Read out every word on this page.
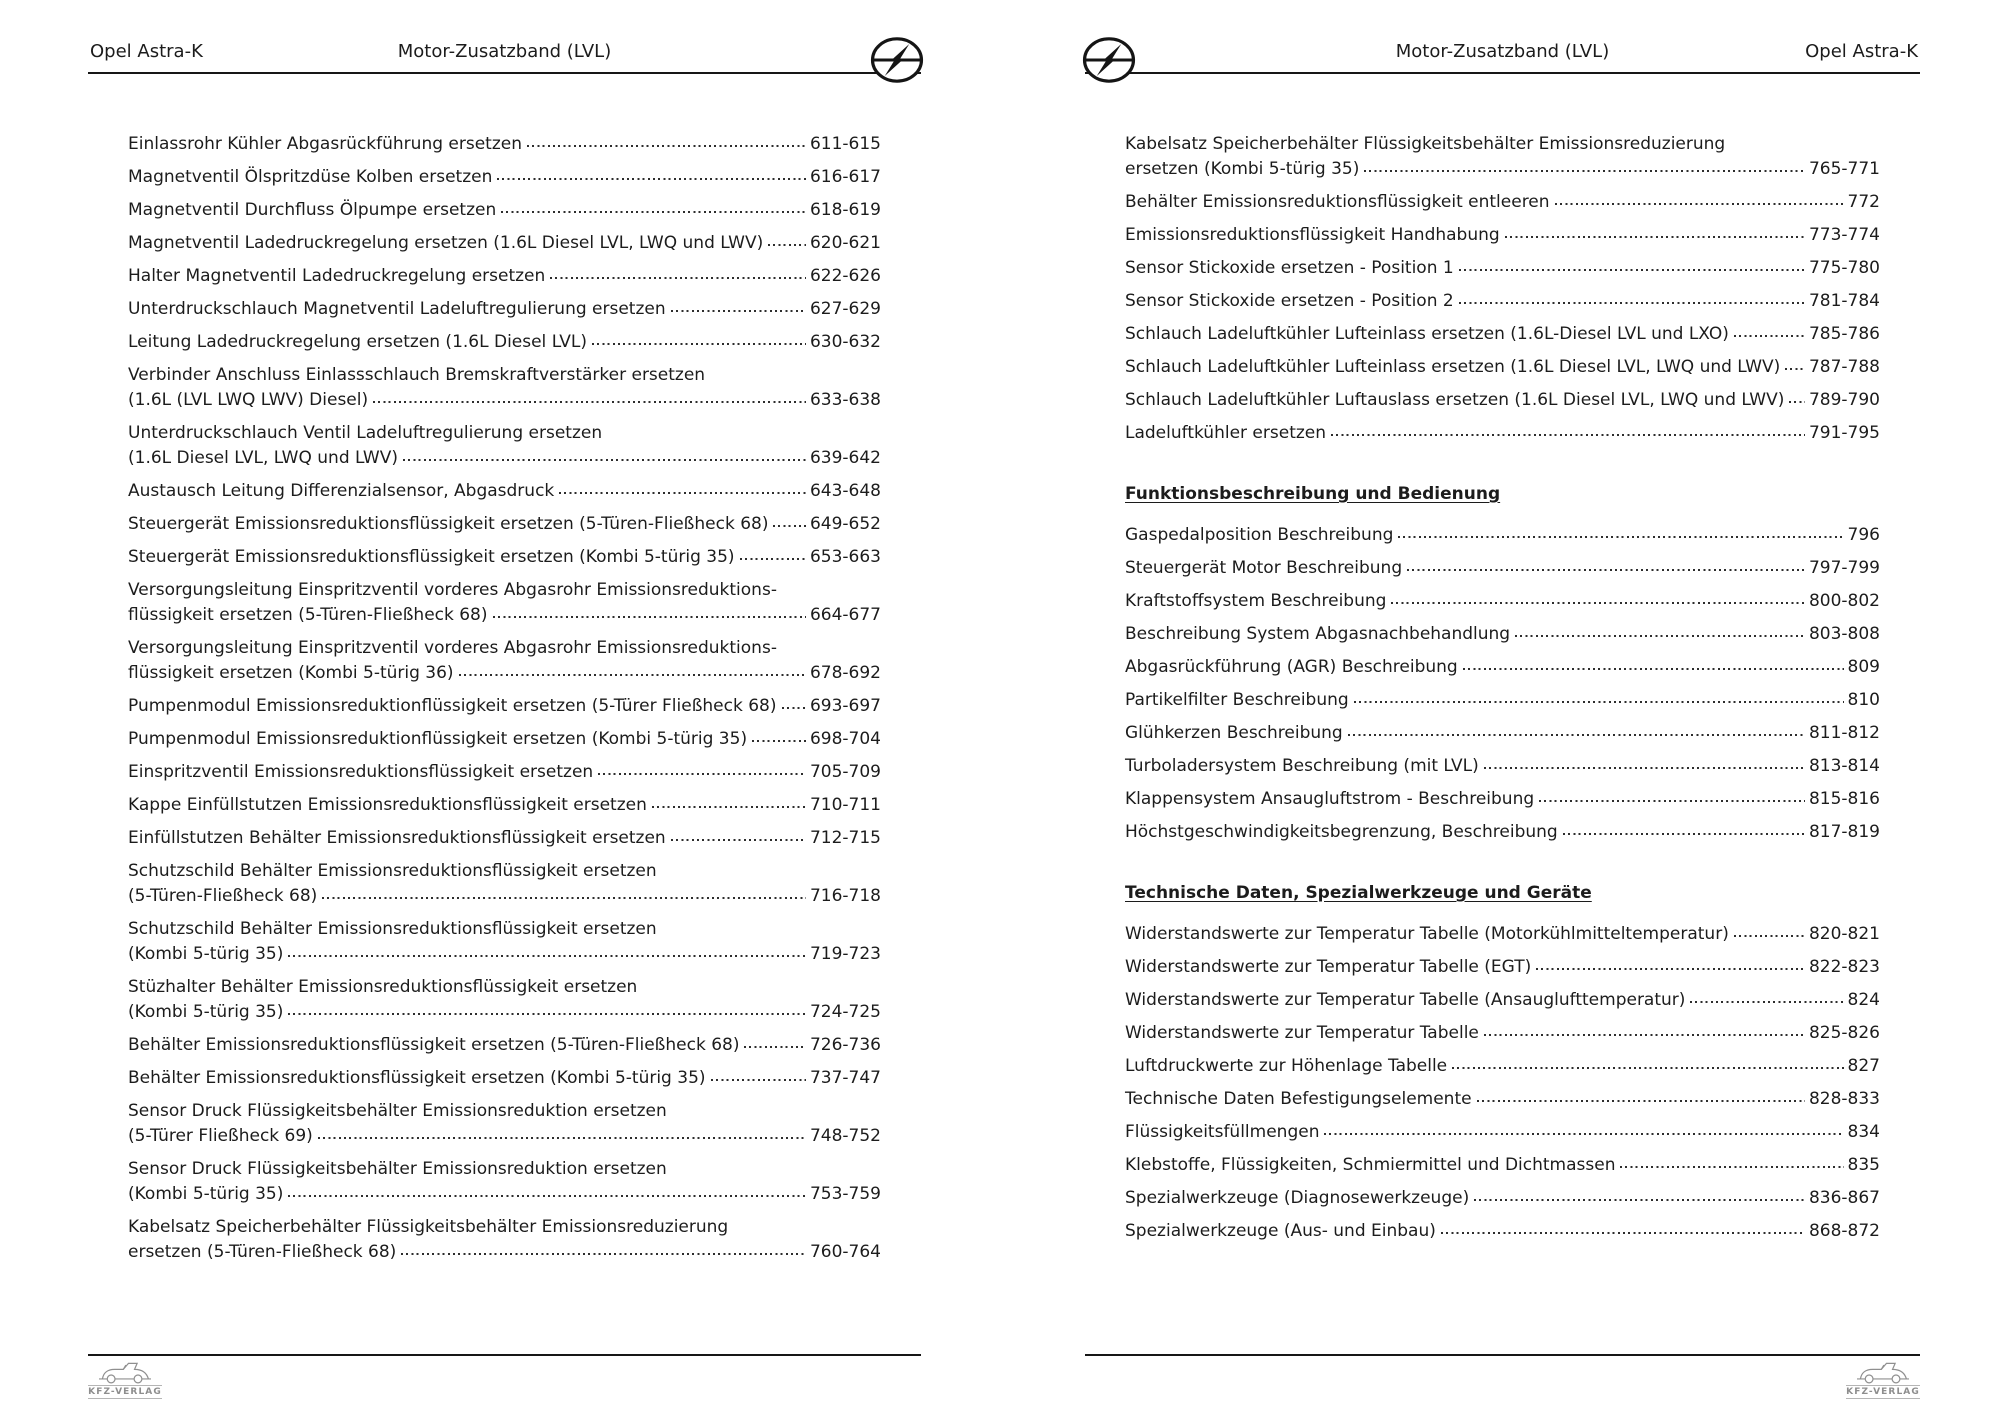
Opel Astra-K	Motor-Zusatzband (LVL)
Einlassrohr Kühler Abgasrückführung ersetzen	611-615
Magnetventil Ölspritzdüse Kolben ersetzen	616-617
Magnetventil Durchfluss Ölpumpe ersetzen	618-619
Magnetventil Ladedruckregelung ersetzen (1.6L Diesel LVL, LWQ und LWV)	620-621
Halter Magnetventil Ladedruckregelung ersetzen	622-626
Unterdruckschlauch Magnetventil Ladeluftregulierung ersetzen	627-629
Leitung Ladedruckregelung ersetzen (1.6L Diesel LVL)	630-632
Verbinder Anschluss Einlassschlauch Bremskraftverstärker ersetzen
(1.6L (LVL LWQ LWV) Diesel)	633-638
Unterdruckschlauch Ventil Ladeluftregulierung ersetzen
(1.6L Diesel LVL, LWQ und LWV)	639-642
Austausch Leitung Differenzialsensor, Abgasdruck	643-648
Steuergerät Emissionsreduktionsflüssigkeit ersetzen (5-Türen-Fließheck 68) 649-652
Steuergerät Emissionsreduktionsflüssigkeit ersetzen (Kombi 5-türig 35)	653-663
Versorgungsleitung Einspritzventil vorderes Abgasrohr Emissionsreduktions-
flüssigkeit ersetzen (5-Türen-Fließheck 68)	664-677
Versorgungsleitung Einspritzventil vorderes Abgasrohr Emissionsreduktions-
flüssigkeit ersetzen (Kombi 5-türig 36)	678-692
Pumpenmodul Emissionsreduktionflüssigkeit ersetzen (5-Türer Fließheck 68) 693-697
Pumpenmodul Emissionsreduktionflüssigkeit ersetzen (Kombi 5-türig 35)	698-704
Einspritzventil Emissionsreduktionsflüssigkeit ersetzen	705-709
Kappe Einfüllstutzen Emissionsreduktionsflüssigkeit ersetzen	710-711
Einfüllstutzen Behälter Emissionsreduktionsflüssigkeit ersetzen	712-715
Schutzschild Behälter Emissionsreduktionsflüssigkeit ersetzen
(5-Türen-Fließheck 68)	716-718
Schutzschild Behälter Emissionsreduktionsflüssigkeit ersetzen
(Kombi 5-türig 35)	719-723
Stüzhalter Behälter Emissionsreduktionsflüssigkeit ersetzen
(Kombi 5-türig 35)	724-725
Behälter Emissionsreduktionsflüssigkeit ersetzen (5-Türen-Fließheck 68)	726-736
Behälter Emissionsreduktionsflüssigkeit ersetzen (Kombi 5-türig 35)	737-747
Sensor Druck Flüssigkeitsbehälter Emissionsreduktion ersetzen
(5-Türer Fließheck 69)	748-752
Sensor Druck Flüssigkeitsbehälter Emissionsreduktion ersetzen
(Kombi 5-türig 35)	753-759
Kabelsatz Speicherbehälter Flüssigkeitsbehälter Emissionsreduzierung
ersetzen (5-Türen-Fließheck 68)	760-764
KFZ-VERLAG
Motor-Zusatzband (LVL)	Opel Astra-K
Kabelsatz Speicherbehälter Flüssigkeitsbehälter Emissionsreduzierung
ersetzen (Kombi 5-türig 35)	765-771
Behälter Emissionsreduktionsflüssigkeit entleeren	772
Emissionsreduktionsflüssigkeit Handhabung	773-774
Sensor Stickoxide ersetzen - Position 1	775-780
Sensor Stickoxide ersetzen - Position 2	781-784
Schlauch Ladeluftkühler Lufteinlass ersetzen (1.6L-Diesel LVL und LXO)	785-786
Schlauch Ladeluftkühler Lufteinlass ersetzen (1.6L Diesel LVL, LWQ und LWV) 787-788
Schlauch Ladeluftkühler Luftauslass ersetzen (1.6L Diesel LVL, LWQ und LWV) 789-790
Ladeluftkühler ersetzen	791-795
Funktionsbeschreibung und Bedienung
Gaspedalposition Beschreibung	796
Steuergerät Motor Beschreibung	797-799
Kraftstoffsystem Beschreibung	800-802
Beschreibung System Abgasnachbehandlung	803-808
Abgasrückführung (AGR) Beschreibung	809
Partikelfilter Beschreibung	810
Glühkerzen Beschreibung	811-812
Turboladersystem Beschreibung (mit LVL)	813-814
Klappensystem Ansaugluftstrom - Beschreibung	815-816
Höchstgeschwindigkeitsbegrenzung, Beschreibung	817-819
Technische Daten, Spezialwerkzeuge und Geräte
Widerstandswerte zur Temperatur Tabelle (Motorkühlmitteltemperatur)	820-821
Widerstandswerte zur Temperatur Tabelle (EGT)	822-823
Widerstandswerte zur Temperatur Tabelle (Ansauglufttemperatur)	824
Widerstandswerte zur Temperatur Tabelle	825-826
Luftdruckwerte zur Höhenlage Tabelle	827
Technische Daten Befestigungselemente	828-833
Flüssigkeitsfüllmengen	834
Klebstoffe, Flüssigkeiten, Schmiermittel und Dichtmassen	835
Spezialwerkzeuge (Diagnosewerkzeuge)	836-867
Spezialwerkzeuge (Aus- und Einbau)	868-872
KFZ-VERLAG
